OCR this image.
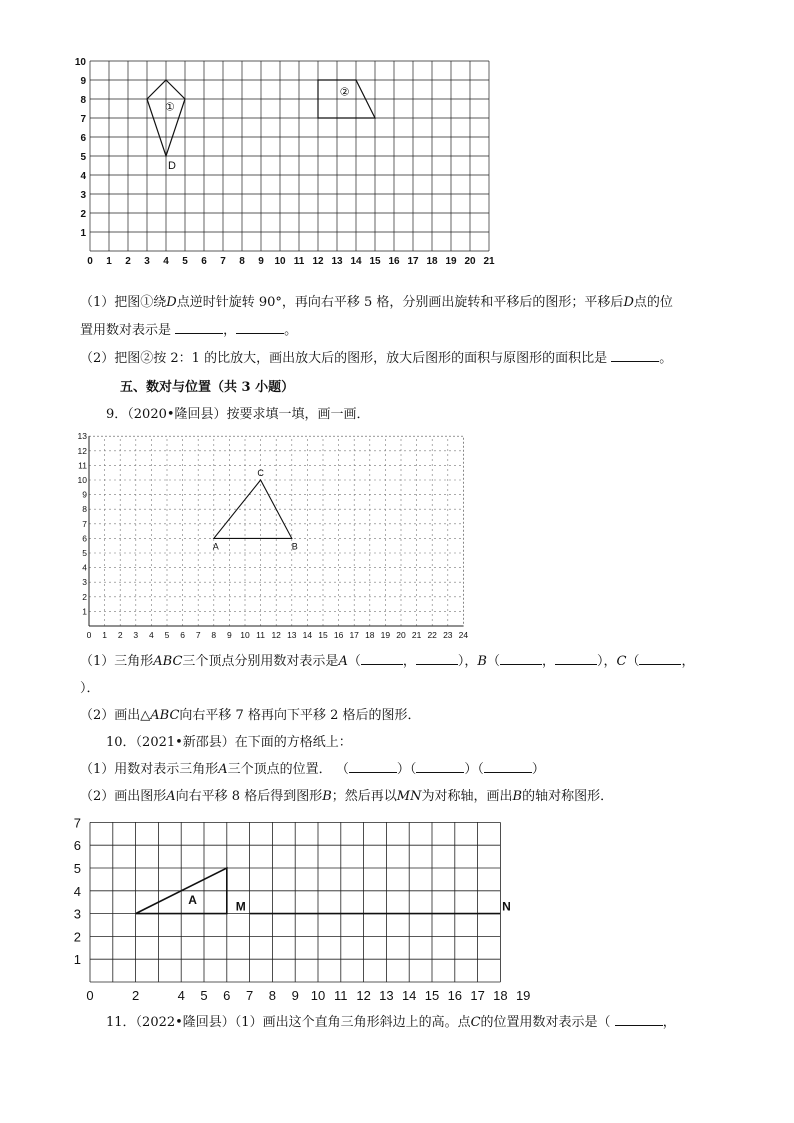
0 1 2 3 4 5 6 7 8 9 10 11 12 13 14 15 16 17 18 19 20 21
1
2
3
4
5
6
7
8
9
10
①
②
D
（1）把图①绕D点逆时针旋转 90°，再向右平移 5 格，分别画出旋转和平移后的图形；平移后D点的位
置用数对表示是	，	。
（2）把图②按 2：1 的比放大，画出放大后的图形，放大后图形的面积与原图形的面积比是	。
五、数对与位置（共 3 小题）
9．（2020•隆回县）按要求填一填，画一画．
0 1 2 3 4 5 6 7 8 9 10 11 12 13 14 15 16 17 18 19 20 21 22 23 24
1
2
3
4
5
6
7
8
9
10
11
12
13
A	B
C
（1）三角形ABC三个顶点分别用数对表示是A（	，	），B（	，	），C（	，
）．
（2）画出△ABC向右平移 7 格再向下平移 2 格后的图形．
10．（2021•新邵县）在下面的方格纸上：
（1）用数对表示三角形A三个顶点的位置． （	）（	）（	）
（2）画出图形A向右平移 8 格后得到图形B；然后再以MN为对称轴，画出B的轴对称图形．
0	2	4 5 6 7 8 9 10 11 12 13 14 15 16 17 18 19
1
2
3
4
5
6
7
A	M	N
11．（2022•隆回县）（1）画出这个直角三角形斜边上的高。点C的位置用数对表示是（	，
